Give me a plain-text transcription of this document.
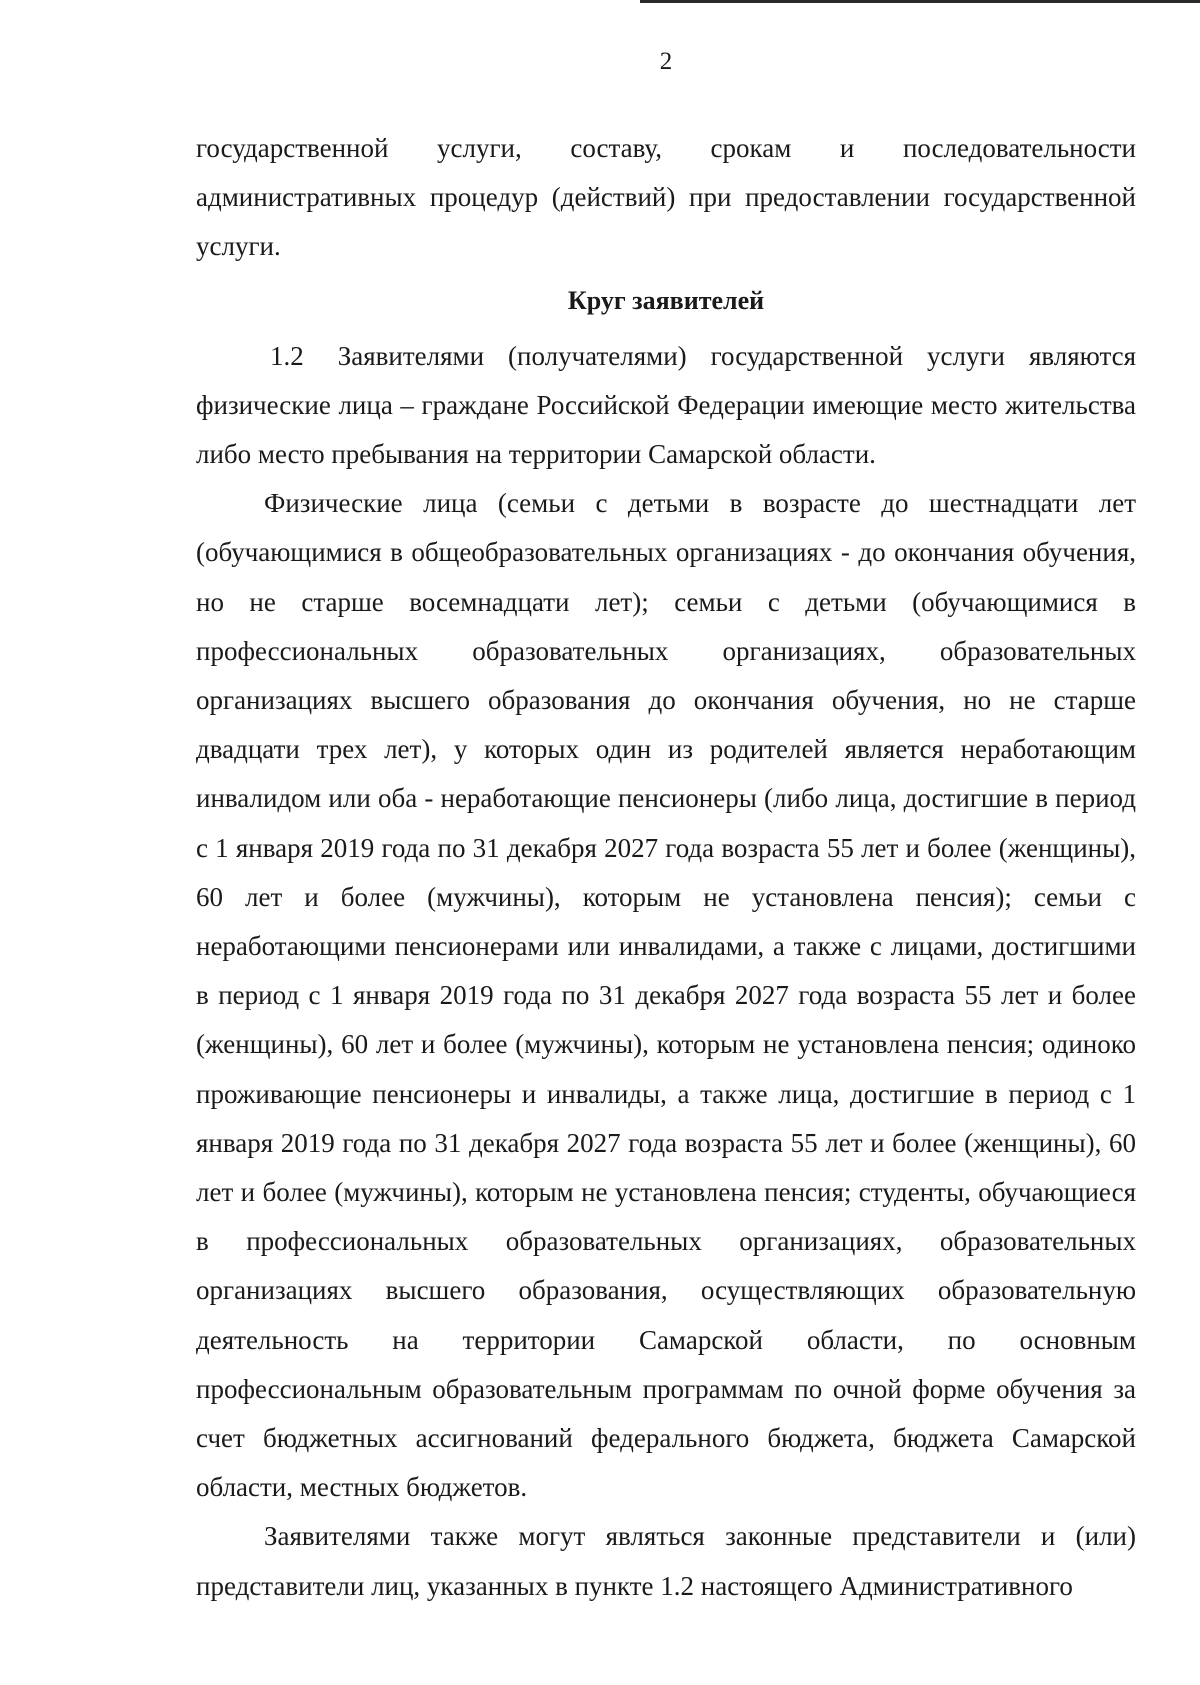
2

государственной услуги, составу, срокам и последовательности административных процедур (действий) при предоставлении государственной услуги.

Круг заявителей

1.2 Заявителями (получателями) государственной услуги являются физические лица – граждане Российской Федерации имеющие место жительства либо место пребывания на территории Самарской области.

Физические лица (семьи с детьми в возрасте до шестнадцати лет (обучающимися в общеобразовательных организациях - до окончания обучения, но не старше восемнадцати лет); семьи с детьми (обучающимися в профессиональных образовательных организациях, образовательных организациях высшего образования до окончания обучения, но не старше двадцати трех лет), у которых один из родителей является неработающим инвалидом или оба - неработающие пенсионеры (либо лица, достигшие в период с 1 января 2019 года по 31 декабря 2027 года возраста 55 лет и более (женщины), 60 лет и более (мужчины), которым не установлена пенсия); семьи с неработающими пенсионерами или инвалидами, а также с лицами, достигшими в период с 1 января 2019 года по 31 декабря 2027 года возраста 55 лет и более (женщины), 60 лет и более (мужчины), которым не установлена пенсия; одиноко проживающие пенсионеры и инвалиды, а также лица, достигшие в период с 1 января 2019 года по 31 декабря 2027 года возраста 55 лет и более (женщины), 60 лет и более (мужчины), которым не установлена пенсия; студенты, обучающиеся в профессиональных образовательных организациях, образовательных организациях высшего образования, осуществляющих образовательную деятельность на территории Самарской области, по основным профессиональным образовательным программам по очной форме обучения за счет бюджетных ассигнований федерального бюджета, бюджета Самарской области, местных бюджетов.

Заявителями также могут являться законные представители и (или) представители лиц, указанных в пункте 1.2 настоящего Административного
